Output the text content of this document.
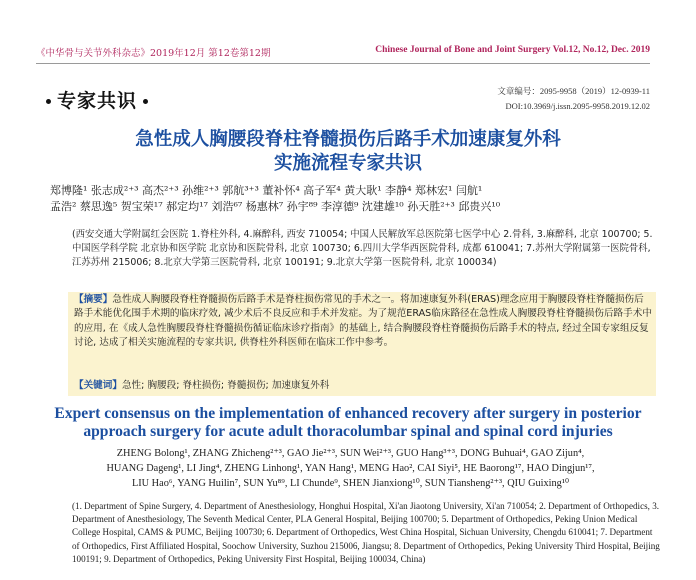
《中华骨与关节外科杂志》2019年12月 第12卷第12期	Chinese Journal of Bone and Joint Surgery Vol.12, No.12, Dec. 2019
专家共识	文章编号：2095-9958（2019）12-0939-11
DOI:10.3969/j.issn.2095-9958.2019.12.02
急性成人胸腰段脊柱脊髓损伤后路手术加速康复外科
实施流程专家共识
郑博隆¹ 张志成²⁺³ 高杰²⁺³ 孙维²⁺³ 郭航³⁺³ 董补怀⁴ 高子军⁴ 黄大耿¹ 李静⁴ 郑林宏¹ 闫航¹
孟浩² 蔡思逸⁵ 贺宝荣¹⁷ 郝定均¹⁷ 刘浩⁶⁷ 杨惠林⁷ 孙宇⁸⁹ 李淳德⁹ 沈建雄¹⁰ 孙天胜²⁺³ 邱贵兴¹⁰
(西安交通大学附属红会医院 1.脊柱外科, 4.麻醉科, 西安 710054; 中国人民解放军总医院第七医学中心 2.骨科, 3.麻醉科, 北京 100700; 5.中国医学科学院 北京协和医学院 北京协和医院骨科, 北京 100730; 6.四川大学华西医院骨科, 成都 610041; 7.苏州大学附属第一医院骨科, 江苏苏州 215006; 8.北京大学第三医院骨科, 北京 100191; 9.北京大学第一医院骨科, 北京 100034)
【摘要】急性成人胸腰段脊柱脊髓损伤后路手术是脊柱损伤常见的手术之一。将加速康复外科(ERAS)理念应用于胸腰段脊柱脊髓损伤后路手术能优化围手术期的临床疗效, 减少术后不良反应和手术并发症。为了规范ERAS临床路径在急性成人胸腰段脊柱脊髓损伤后路手术中的应用, 在《成人急性胸腰段脊柱脊髓损伤循证临床诊疗指南》的基础上, 结合胸腰段脊柱脊髓损伤后路手术的特点, 经过全国专家组反复讨论, 达成了相关实施流程的专家共识, 供脊柱外科医师在临床工作中参考。
【关键词】急性; 胸腰段; 脊柱损伤; 脊髓损伤; 加速康复外科
Expert consensus on the implementation of enhanced recovery after surgery in posterior
approach surgery for acute adult thoracolumbar spinal and spinal cord injuries
ZHENG Bolong¹, ZHANG Zhicheng²⁺³, GAO Jie²⁺³, SUN Wei²⁺³, GUO Hang³⁺³, DONG Buhuai⁴, GAO Zijun⁴,
HUANG Dageng¹, LI Jing⁴, ZHENG Linhong¹, YAN Hang¹, MENG Hao², CAI Siyi⁵, HE Baorong¹⁷, HAO Dingjun¹⁷,
LIU Hao⁶, YANG Huilin⁷, SUN Yu⁸⁹, LI Chunde⁹, SHEN Jianxiong¹⁰, SUN Tiansheng²⁺³, QIU Guixing¹⁰
(1. Department of Spine Surgery, 4. Department of Anesthesiology, Honghui Hospital, Xi'an Jiaotong University, Xi'an 710054; 2. Department of Orthopedics, 3. Department of Anesthesiology, The Seventh Medical Center, PLA General Hospital, Beijing 100700; 5. Department of Orthopedics, Peking Union Medical College Hospital, CAMS & PUMC, Beijing 100730; 6. Department of Orthopedics, West China Hospital, Sichuan University, Chengdu 610041; 7. Department of Orthopedics, First Affiliated Hospital, Soochow University, Suzhou 215006, Jiangsu; 8. Department of Orthopedics, Peking University Third Hospital, Beijing 100191; 9. Department of Orthopedics, Peking University First Hospital, Beijing 100034, China)
